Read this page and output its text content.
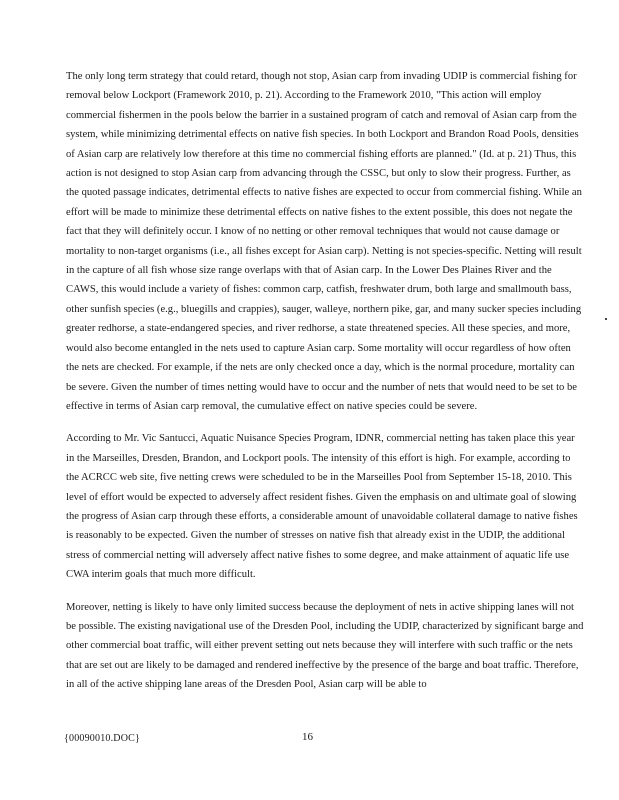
The only long term strategy that could retard, though not stop, Asian carp from invading UDIP is commercial fishing for removal below Lockport (Framework 2010, p. 21). According to the Framework 2010, "This action will employ commercial fishermen in the pools below the barrier in a sustained program of catch and removal of Asian carp from the system, while minimizing detrimental effects on native fish species. In both Lockport and Brandon Road Pools, densities of Asian carp are relatively low therefore at this time no commercial fishing efforts are planned." (Id. at p. 21) Thus, this action is not designed to stop Asian carp from advancing through the CSSC, but only to slow their progress. Further, as the quoted passage indicates, detrimental effects to native fishes are expected to occur from commercial fishing. While an effort will be made to minimize these detrimental effects on native fishes to the extent possible, this does not negate the fact that they will definitely occur. I know of no netting or other removal techniques that would not cause damage or mortality to non-target organisms (i.e., all fishes except for Asian carp). Netting is not species-specific. Netting will result in the capture of all fish whose size range overlaps with that of Asian carp. In the Lower Des Plaines River and the CAWS, this would include a variety of fishes: common carp, catfish, freshwater drum, both large and smallmouth bass, other sunfish species (e.g., bluegills and crappies), sauger, walleye, northern pike, gar, and many sucker species including greater redhorse, a state-endangered species, and river redhorse, a state threatened species. All these species, and more, would also become entangled in the nets used to capture Asian carp. Some mortality will occur regardless of how often the nets are checked. For example, if the nets are only checked once a day, which is the normal procedure, mortality can be severe. Given the number of times netting would have to occur and the number of nets that would need to be set to be effective in terms of Asian carp removal, the cumulative effect on native species could be severe.

According to Mr. Vic Santucci, Aquatic Nuisance Species Program, IDNR, commercial netting has taken place this year in the Marseilles, Dresden, Brandon, and Lockport pools. The intensity of this effort is high. For example, according to the ACRCC web site, five netting crews were scheduled to be in the Marseilles Pool from September 15-18, 2010. This level of effort would be expected to adversely affect resident fishes. Given the emphasis on and ultimate goal of slowing the progress of Asian carp through these efforts, a considerable amount of unavoidable collateral damage to native fishes is reasonably to be expected. Given the number of stresses on native fish that already exist in the UDIP, the additional stress of commercial netting will adversely affect native fishes to some degree, and make attainment of aquatic life use CWA interim goals that much more difficult.

Moreover, netting is likely to have only limited success because the deployment of nets in active shipping lanes will not be possible. The existing navigational use of the Dresden Pool, including the UDIP, characterized by significant barge and other commercial boat traffic, will either prevent setting out nets because they will interfere with such traffic or the nets that are set out are likely to be damaged and rendered ineffective by the presence of the barge and boat traffic. Therefore, in all of the active shipping lane areas of the Dresden Pool, Asian carp will be able to

{00090010.DOC}	16
